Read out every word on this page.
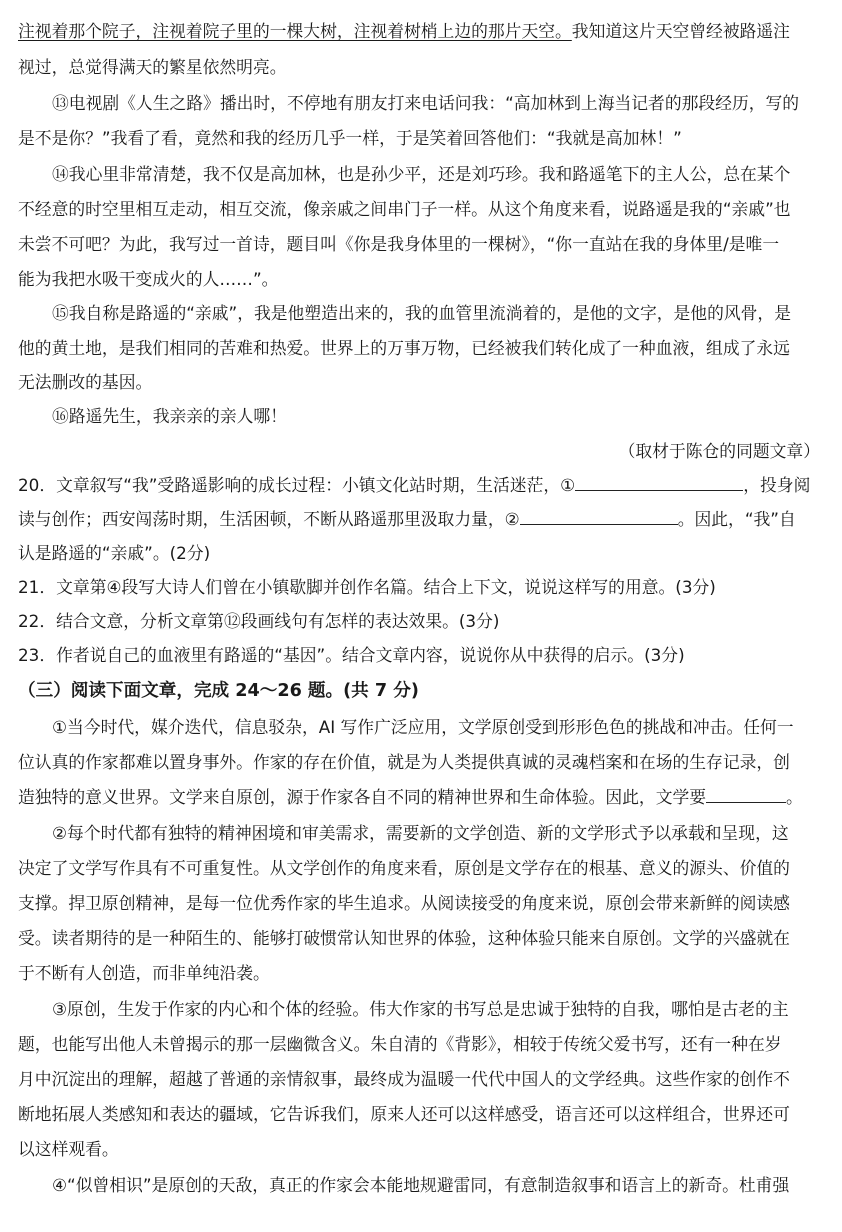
注视着那个院子，注视着院子里的一棵大树，注视着树梢上边的那片天空。我知道这片天空曾经被路遥注
视过，总觉得满天的繁星依然明亮。
⑬电视剧《人生之路》播出时，不停地有朋友打来电话问我：“高加林到上海当记者的那段经历，写的
是不是你？”我看了看，竟然和我的经历几乎一样，于是笑着回答他们：“我就是高加林！”
⑭我心里非常清楚，我不仅是高加林，也是孙少平，还是刘巧珍。我和路遥笔下的主人公，总在某个
不经意的时空里相互走动，相互交流，像亲戚之间串门子一样。从这个角度来看，说路遥是我的“亲戚”也
未尝不可吧？为此，我写过一首诗，题目叫《你是我身体里的一棵树》，“你一直站在我的身体里/是唯一
能为我把水吸干变成火的人……”。
⑮我自称是路遥的“亲戚”，我是他塑造出来的，我的血管里流淌着的，是他的文字，是他的风骨，是
他的黄土地，是我们相同的苦难和热爱。世界上的万事万物，已经被我们转化成了一种血液，组成了永远
无法删改的基因。
⑯路遥先生，我亲亲的亲人哪！
（取材于陈仓的同题文章）
20．文章叙写“我”受路遥影响的成长过程：小镇文化站时期，生活迷茫，①	，投身阅
读与创作；西安闯荡时期，生活困顿，不断从路遥那里汲取力量，②	。因此，“我”自
认是路遥的“亲戚”。(2分)
21．文章第④段写大诗人们曾在小镇歇脚并创作名篇。结合上下文，说说这样写的用意。(3分)
22．结合文意，分析文章第⑫段画线句有怎样的表达效果。(3分)
23．作者说自己的血液里有路遥的“基因”。结合文章内容，说说你从中获得的启示。(3分)
（三）阅读下面文章，完成 24～26 题。(共 7 分)
①当今时代，媒介迭代，信息驳杂，AI 写作广泛应用，文学原创受到形形色色的挑战和冲击。任何一
位认真的作家都难以置身事外。作家的存在价值，就是为人类提供真诚的灵魂档案和在场的生存记录，创
造独特的意义世界。文学来自原创，源于作家各自不同的精神世界和生命体验。因此，文学要	。
②每个时代都有独特的精神困境和审美需求，需要新的文学创造、新的文学形式予以承载和呈现，这
决定了文学写作具有不可重复性。从文学创作的角度来看，原创是文学存在的根基、意义的源头、价值的
支撑。捍卫原创精神，是每一位优秀作家的毕生追求。从阅读接受的角度来说，原创会带来新鲜的阅读感
受。读者期待的是一种陌生的、能够打破惯常认知世界的体验，这种体验只能来自原创。文学的兴盛就在
于不断有人创造，而非单纯沿袭。
③原创，生发于作家的内心和个体的经验。伟大作家的书写总是忠诚于独特的自我，哪怕是古老的主
题，也能写出他人未曾揭示的那一层幽微含义。朱自清的《背影》，相较于传统父爱书写，还有一种在岁
月中沉淀出的理解，超越了普通的亲情叙事，最终成为温暖一代代中国人的文学经典。这些作家的创作不
断地拓展人类感知和表达的疆域，它告诉我们，原来人还可以这样感受，语言还可以这样组合，世界还可
以这样观看。
④“似曾相识”是原创的天敌，真正的作家会本能地规避雷同，有意制造叙事和语言上的新奇。杜甫强
